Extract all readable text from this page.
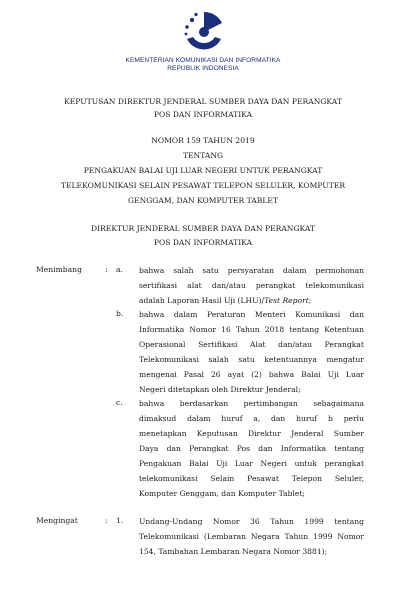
KEMENTERIAN KOMUNIKASI DAN INFORMATIKA
REPUBLIK INDONESIA
KEPUTUSAN DIREKTUR JENDERAL SUMBER DAYA DAN PERANGKAT
POS DAN INFORMATIKA
NOMOR 159 TAHUN 2019
TENTANG
PENGAKUAN BALAI UJI LUAR NEGERI UNTUK PERANGKAT
TELEKOMUNIKASI SELAIN PESAWAT TELEPON SELULER, KOMPUTER
GENGGAM, DAN KOMPUTER TABLET
DIREKTUR JENDERAL SUMBER DAYA DAN PERANGKAT
POS DAN INFORMATIKA
Menimbang	: a. bahwa salah satu persyaratan dalam permohonan
sertifikasi alat dan/atau perangkat telekomunikasi
adalah Laporan Hasil Uji (LHU)/Test Report;
b. bahwa dalam Peraturan Menteri Komunikasi dan
Informatika Nomor 16 Tahun 2018 tentang Ketentuan
Operasional Sertifikasi Alat dan/atau Perangkat
Telekomunikasi salah satu ketentuannya mengatur
mengenai Pasal 26 ayat (2) bahwa Balai Uji Luar
Negeri ditetapkan oleh Direktur Jenderal;
c. bahwa berdasarkan pertimbangan sebagaimana
dimaksud dalam huruf a, dan huruf b perlu
menetapkan Keputusan Direktur Jenderal Sumber
Daya dan Perangkat Pos dan Informatika tentang
Pengakuan Balai Uji Luar Negeri untuk perangkat
telekomunikasi Selain Pesawat Telepon Seluler,
Komputer Genggam, dan Komputer Tablet;
Mengingat	: 1. Undang-Undang Nomor 36 Tahun 1999 tentang
Telekomunikasi (Lembaran Negara Tahun 1999 Nomor
154, Tambahan Lembaran Negara Nomor 3881);
